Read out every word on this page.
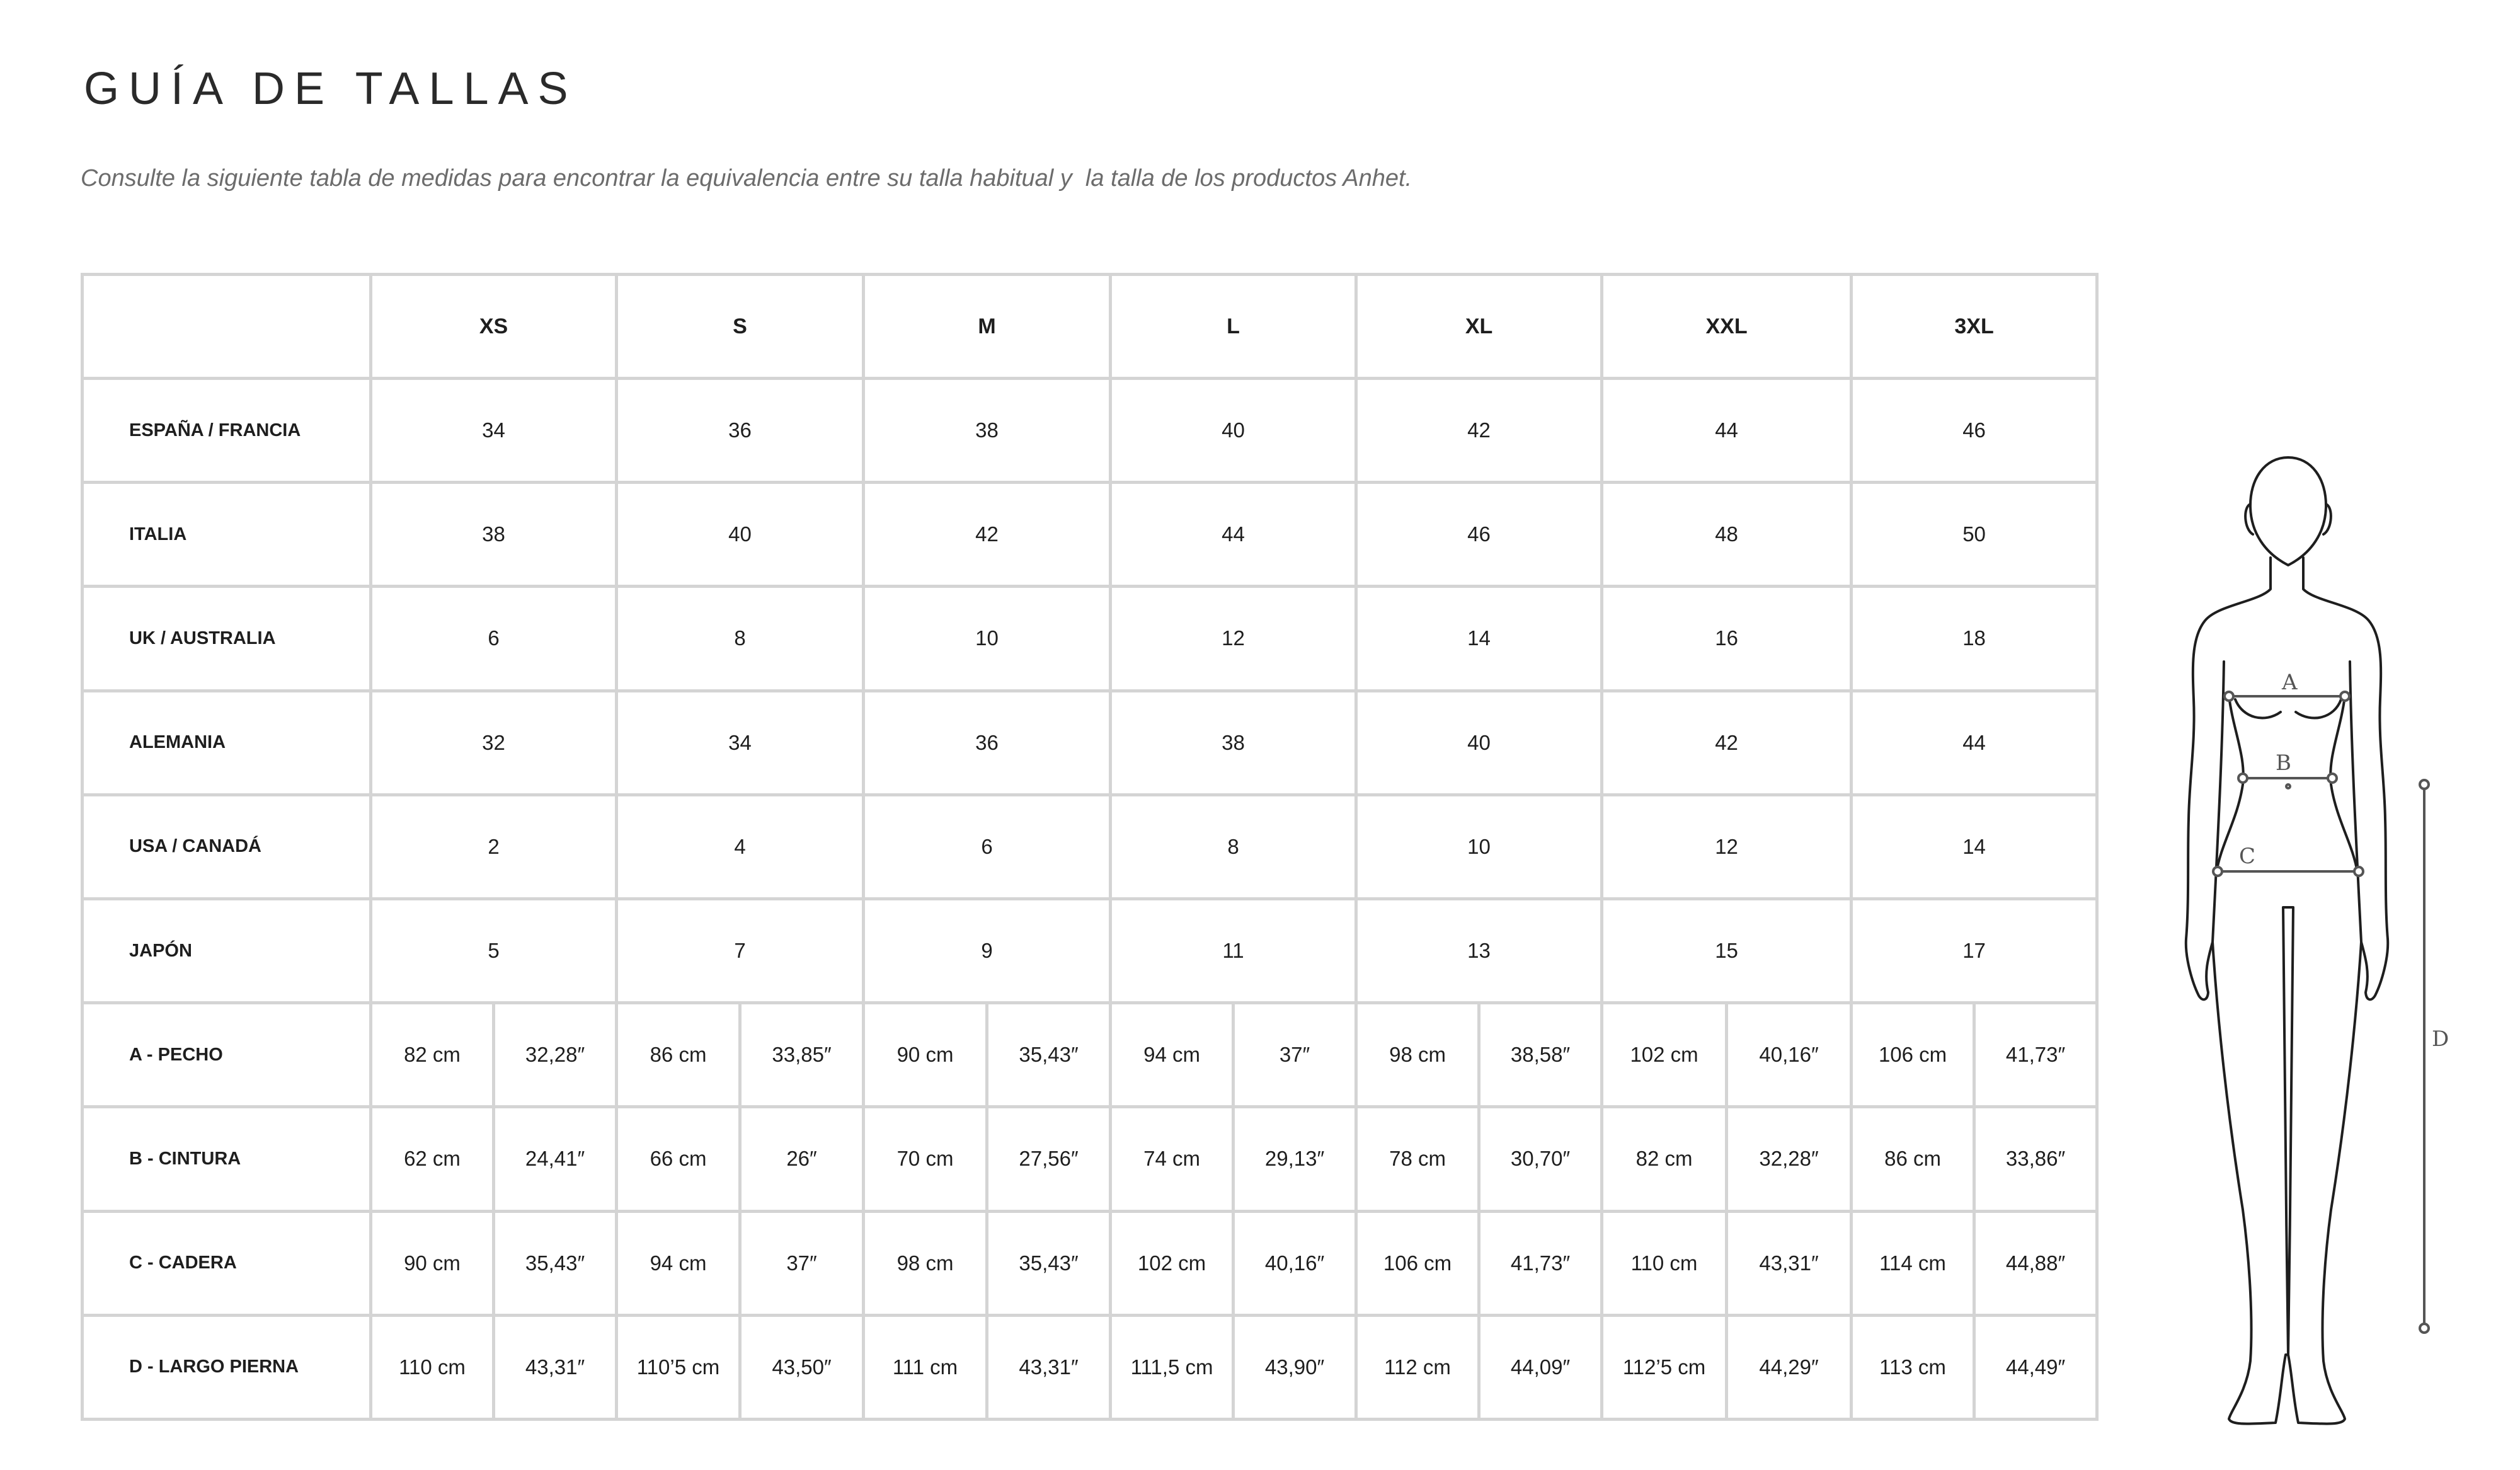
GUÍA DE TALLAS

Consulte la siguiente tabla de medidas para encontrar la equivalencia entre su talla habitual y  la talla de los productos Anhet.

	XS		S		M		L		XL		XXL		3XL	
ESPAÑA / FRANCIA	34		36		38		40		42		44		46	
ITALIA	38		40		42		44		46		48		50	
UK / AUSTRALIA	6		8		10		12		14		16		18	
ALEMANIA	32		34		36		38		40		42		44	
USA / CANADÁ	2		4		6		8		10		12		14	
JAPÓN	5		7		9		11		13		15		17	
A - PECHO	82 cm	32,28″	86 cm	33,85″	90 cm	35,43″	94 cm	37″	98 cm	38,58″	102 cm	40,16″	106 cm	41,73″
B - CINTURA	62 cm	24,41″	66 cm	26″	70 cm	27,56″	74 cm	29,13″	78 cm	30,70″	82 cm	32,28″	86 cm	33,86″
C - CADERA	90 cm	35,43″	94 cm	37″	98 cm	35,43″	102 cm	40,16″	106 cm	41,73″	110 cm	43,31″	114 cm	44,88″
D - LARGO PIERNA	110 cm	43,31″	110’5 cm	43,50″	111 cm	43,31″	111,5 cm	43,90″	112 cm	44,09″	112’5 cm	44,29″	113 cm	44,49″
A
B
C
D
